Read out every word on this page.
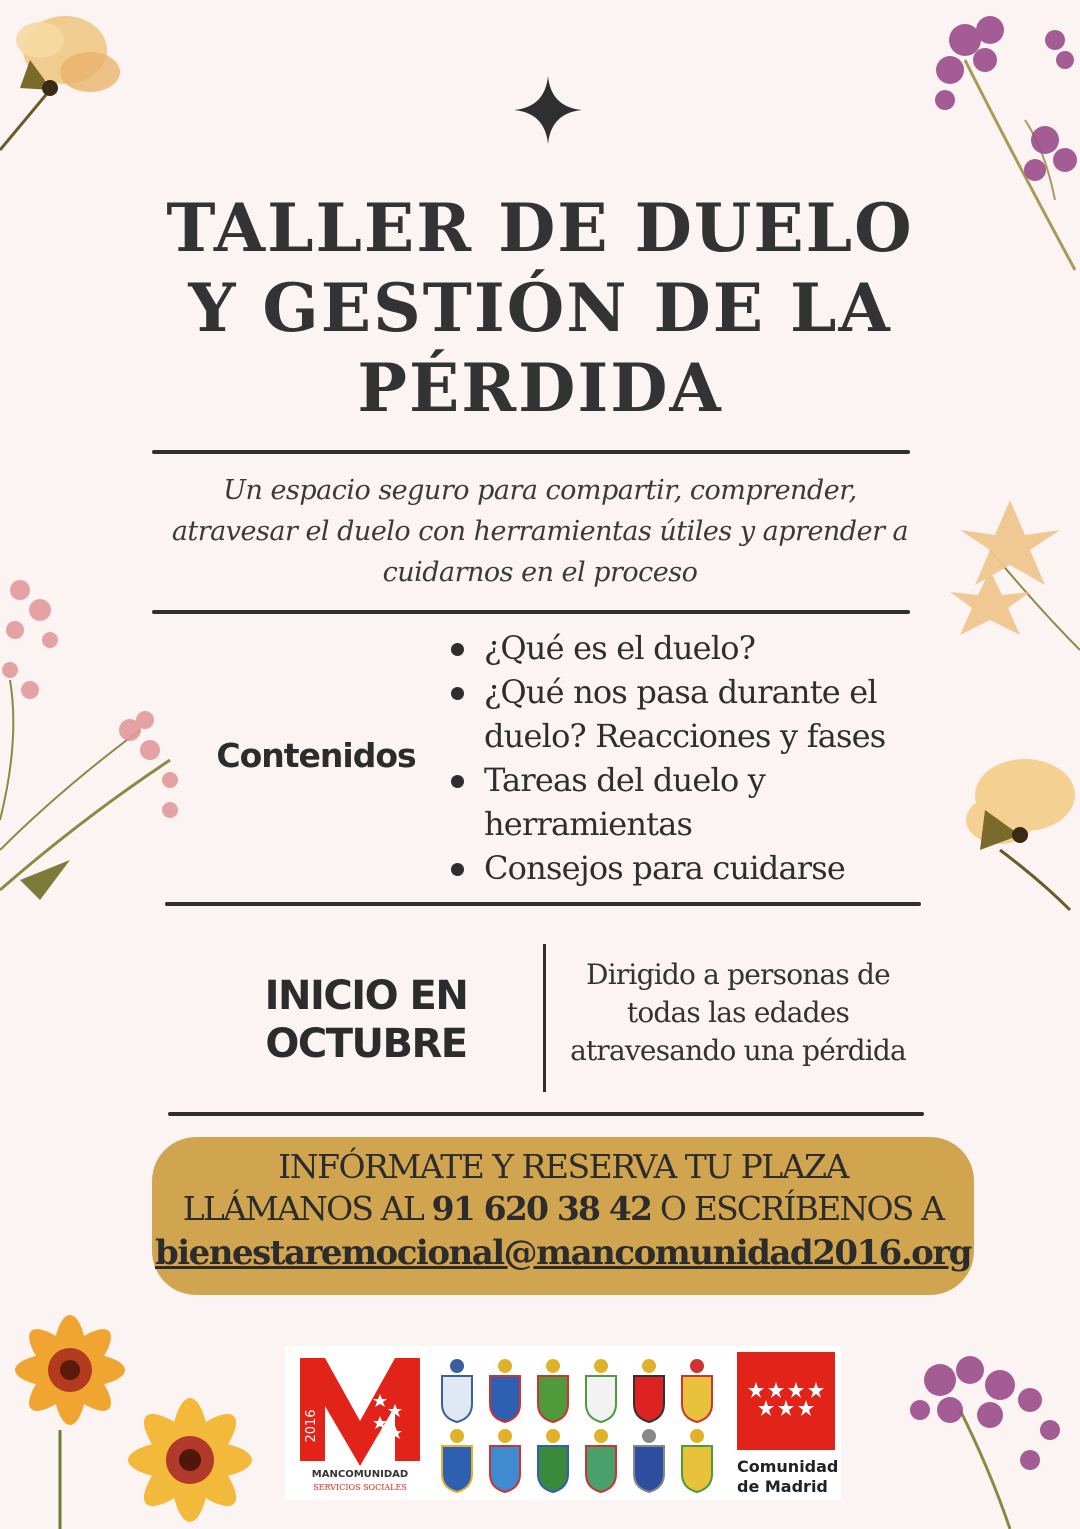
TALLER DE DUELO
Y GESTIÓN DE LA
PÉRDIDA
Un espacio seguro para compartir, comprender,
atravesar el duelo con herramientas útiles y aprender a
cuidarnos en el proceso
Contenidos
¿Qué es el duelo?
¿Qué nos pasa durante el
duelo? Reacciones y fases
Tareas del duelo y
herramientas
Consejos para cuidarse
INICIO EN
OCTUBRE
Dirigido a personas de
todas las edades
atravesando una pérdida
INFÓRMATE Y RESERVA TU PLAZA
LLÁMANOS AL 91 620 38 42 O ESCRÍBENOS A
bienestaremocional@mancomunidad2016.org
2016
MANCOMUNIDAD
SERVICIOS SOCIALES
Comunidad
de Madrid
